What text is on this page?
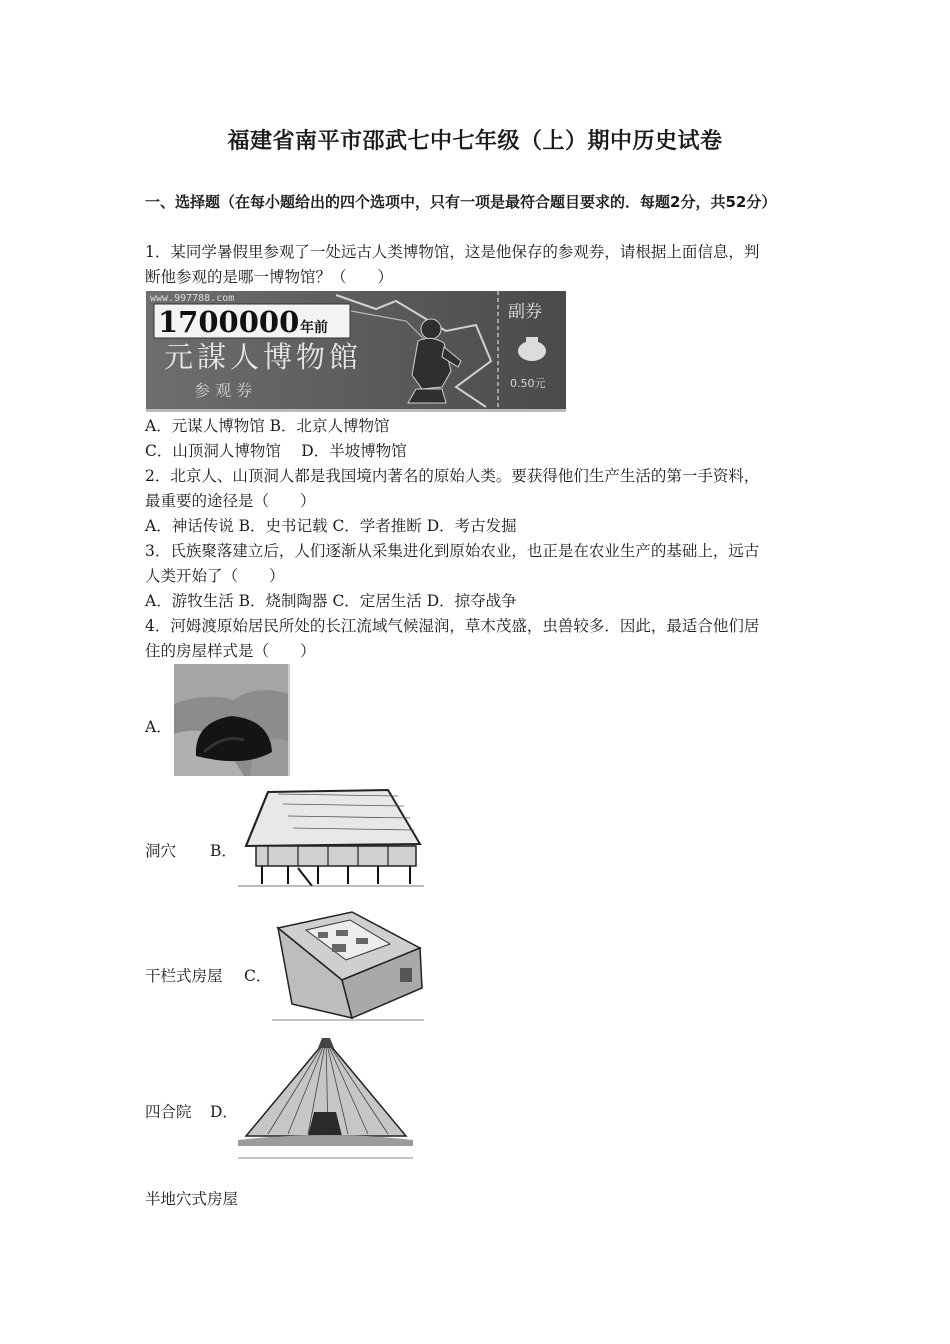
福建省南平市邵武七中七年级（上）期中历史试卷
一、选择题（在每小题给出的四个选项中，只有一项是最符合题目要求的．每题2分，共52分）
1．某同学暑假里参观了一处远古人类博物馆，这是他保存的参观券，请根据上面信息，判
断他参观的是哪一博物馆？（　　）
www.997788.com
1700000 年前
元謀人博物館
参 观 券
副券
0.50元
A．元谋人博物馆 B．北京人博物馆
C．山顶洞人博物馆　 D．半坡博物馆
2．北京人、山顶洞人都是我国境内著名的原始人类。要获得他们生产生活的第一手资料，
最重要的途径是（　　）
A．神话传说 B．史书记载 C．学者推断 D．考古发掘
3．氏族聚落建立后，人们逐渐从采集进化到原始农业，也正是在农业生产的基础上，远古
人类开始了（　　）
A．游牧生活 B．烧制陶器 C．定居生活 D．掠夺战争
4．河姆渡原始居民所处的长江流域气候湿润，草木茂盛，虫兽较多．因此，最适合他们居
住的房屋样式是（　　）
A．
洞穴 B．
干栏式房屋 C．
四合院 D．
半地穴式房屋
